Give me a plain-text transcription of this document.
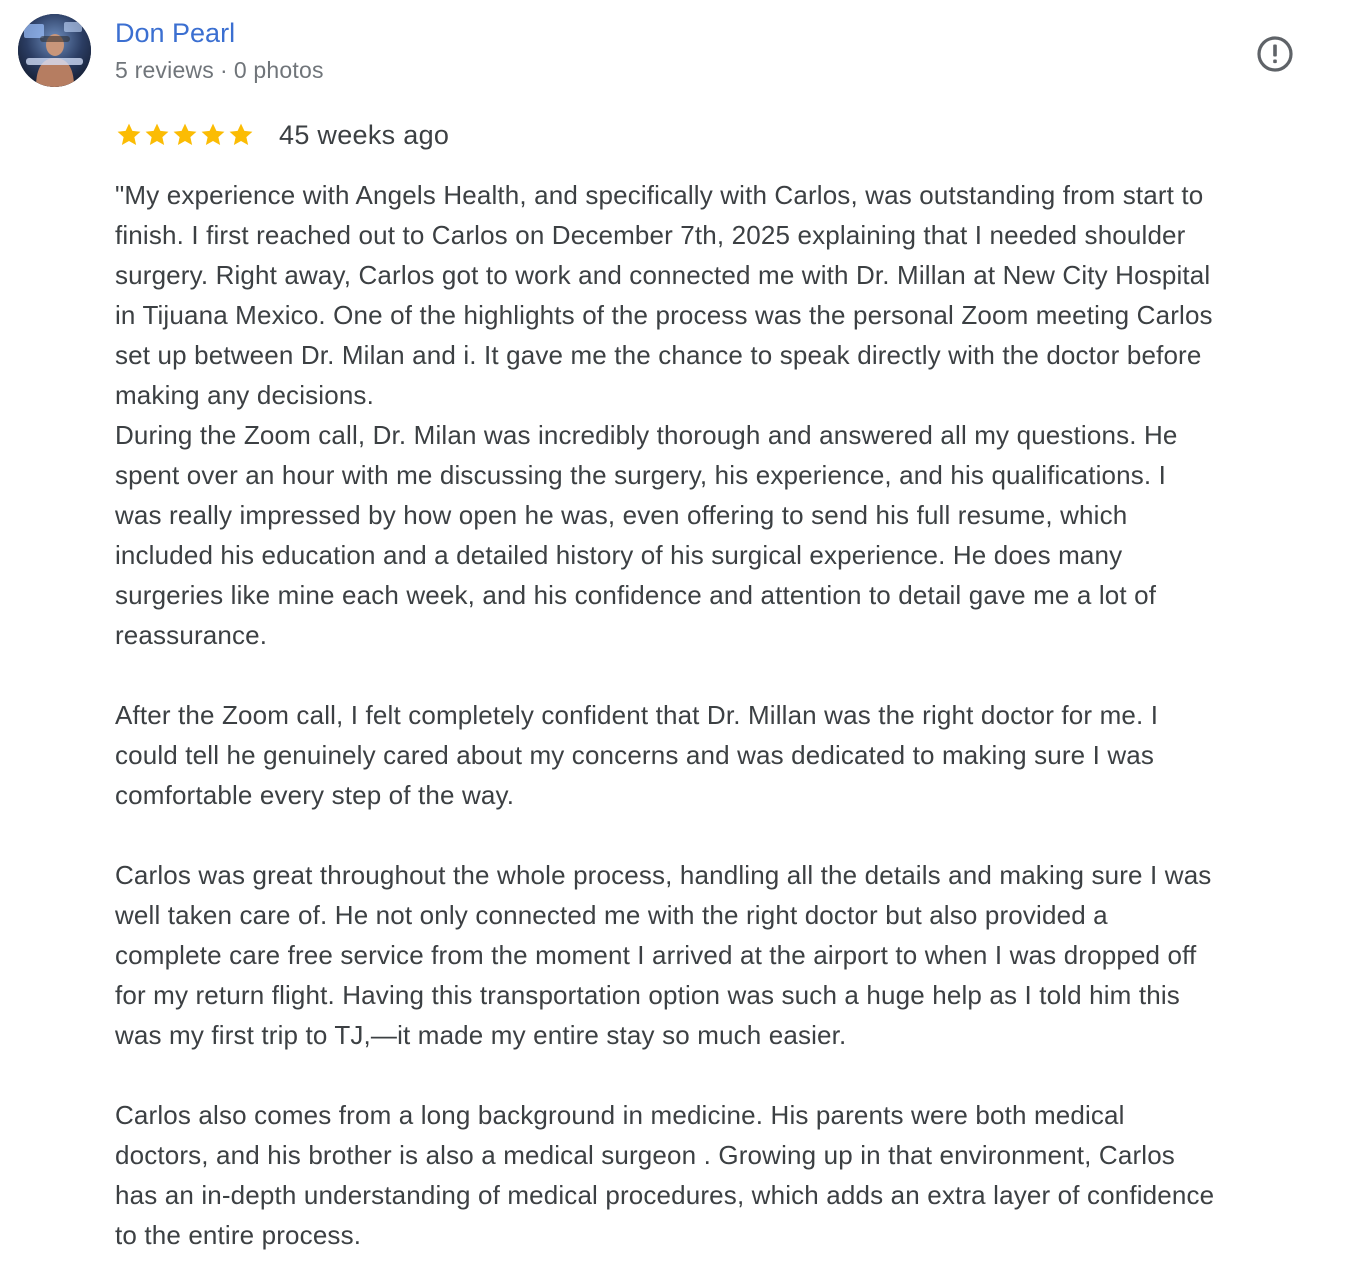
Don Pearl
5 reviews · 0 photos
45 weeks ago

"My experience with Angels Health, and specifically with Carlos, was outstanding from start to

finish. I first reached out to Carlos on December 7th, 2025 explaining that I needed shoulder

surgery. Right away, Carlos got to work and connected me with Dr. Millan at New City Hospital

in Tijuana Mexico. One of the highlights of the process was the personal Zoom meeting Carlos

set up between Dr. Milan and i. It gave me the chance to speak directly with the doctor before

making any decisions.

During the Zoom call, Dr. Milan was incredibly thorough and answered all my questions. He

spent over an hour with me discussing the surgery, his experience, and his qualifications. I

was really impressed by how open he was, even offering to send his full resume, which

included his education and a detailed history of his surgical experience. He does many

surgeries like mine each week, and his confidence and attention to detail gave me a lot of

reassurance.

After the Zoom call, I felt completely confident that Dr. Millan was the right doctor for me. I

could tell he genuinely cared about my concerns and was dedicated to making sure I was

comfortable every step of the way.

Carlos was great throughout the whole process, handling all the details and making sure I was

well taken care of. He not only connected me with the right doctor but also provided a

complete care free service from the moment I arrived at the airport to when I was dropped off

for my return flight. Having this transportation option was such a huge help as I told him this

was my first trip to TJ,—it made my entire stay so much easier.

Carlos also comes from a long background in medicine. His parents were both medical

doctors, and his brother is also a medical surgeon . Growing up in that environment, Carlos

has an in-depth understanding of medical procedures, which adds an extra layer of confidence

to the entire process.
